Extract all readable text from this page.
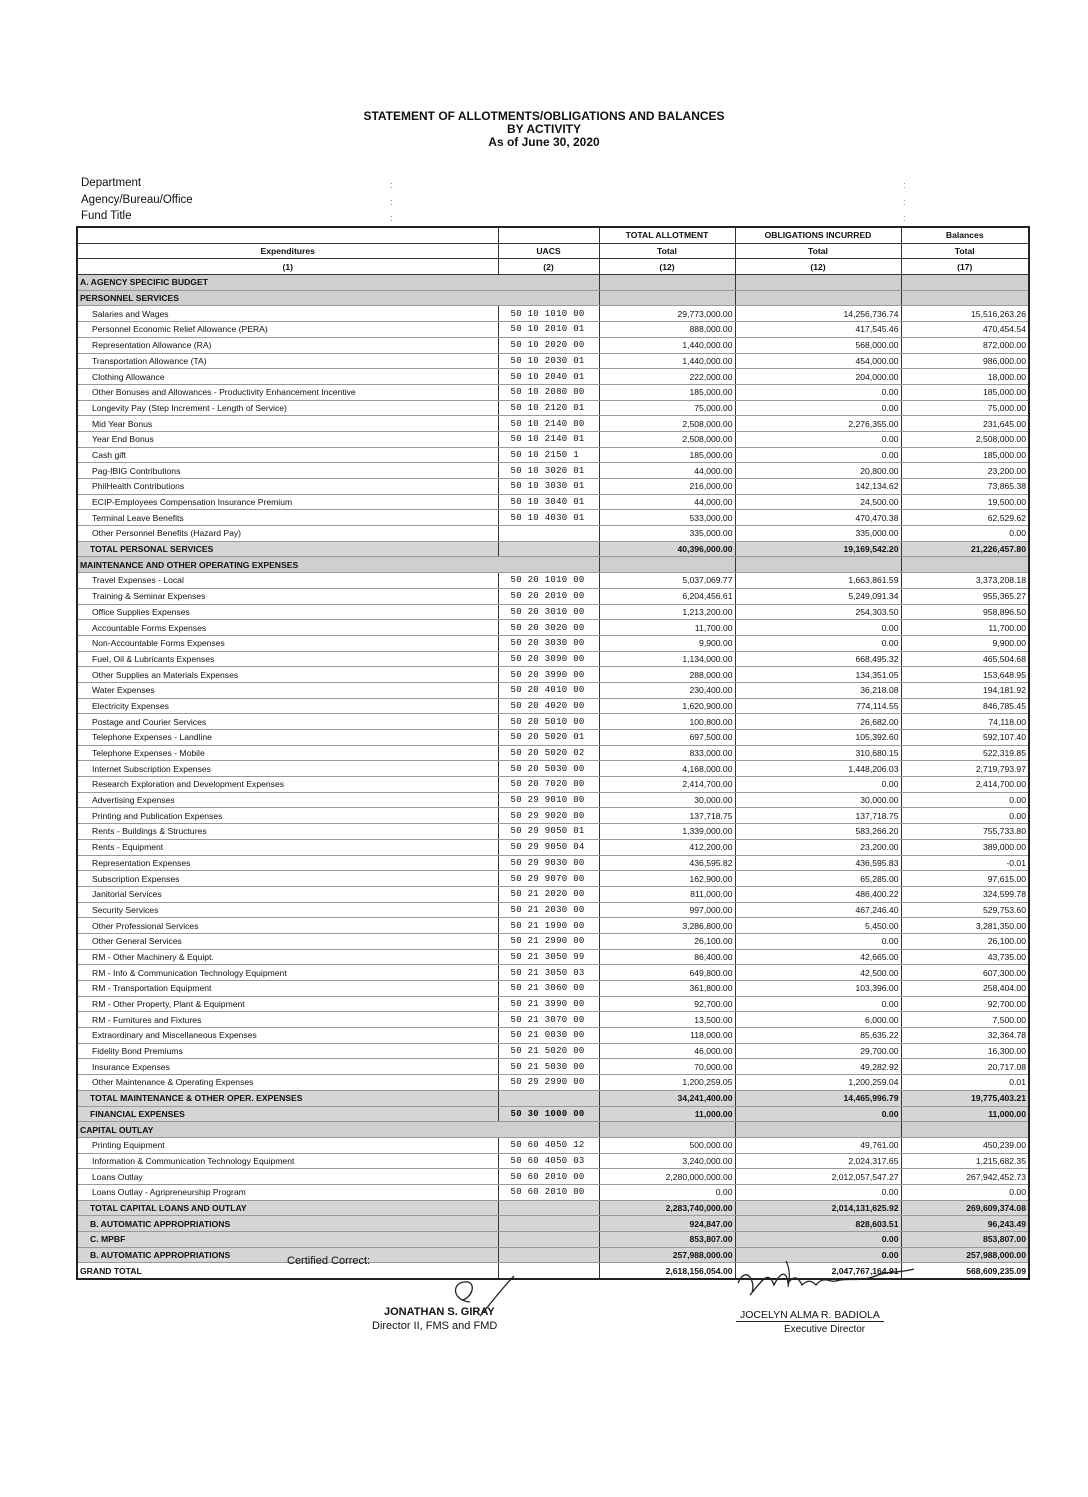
STATEMENT OF ALLOTMENTS/OBLIGATIONS AND BALANCES
BY ACTIVITY
As of June 30, 2020
Department
Agency/Bureau/Office
Fund Title
:
:
:
:
:
:
		TOTAL ALLOTMENT	OBLIGATIONS INCURRED	Balances
Expenditures	UACS	Total	Total	Total
(1)	(2)	(12)	(12)	(17)
A. AGENCY SPECIFIC BUDGET				
PERSONNEL SERVICES				
Salaries and Wages	50 10 1010 00	29,773,000.00	14,256,736.74	15,516,263.26
Personnel Economic Relief Allowance (PERA)	50 10 2010 01	888,000.00	417,545.46	470,454.54
Representation Allowance (RA)	50 10 2020 00	1,440,000.00	568,000.00	872,000.00
Transportation Allowance (TA)	50 10 2030 01	1,440,000.00	454,000.00	986,000.00
Clothing Allowance	50 10 2040 01	222,000.00	204,000.00	18,000.00
Other Bonuses and Allowances - Productivity Enhancement Incentive	50 10 2080 00	185,000.00	0.00	185,000.00
Longevity Pay (Step Increment - Length of Service)	50 10 2120 01	75,000.00	0.00	75,000.00
Mid Year Bonus	50 10 2140 00	2,508,000.00	2,276,355.00	231,645.00
Year End Bonus	50 10 2140 01	2,508,000.00	0.00	2,508,000.00
Cash gift	50 10 2150 1	185,000.00	0.00	185,000.00
Pag-IBIG Contributions	50 10 3020 01	44,000.00	20,800.00	23,200.00
PhilHealth Contributions	50 10 3030 01	216,000.00	142,134.62	73,865.38
ECIP-Employees Compensation Insurance Premium	50 10 3040 01	44,000.00	24,500.00	19,500.00
Terminal Leave Benefits	50 10 4030 01	533,000.00	470,470.38	62,529.62
Other Personnel Benefits (Hazard Pay)		335,000.00	335,000.00	0.00
TOTAL PERSONAL SERVICES		40,396,000.00	19,169,542.20	21,226,457.80
MAINTENANCE AND OTHER OPERATING EXPENSES				
Travel Expenses - Local	50 20 1010 00	5,037,069.77	1,663,861.59	3,373,208.18
Training & Seminar Expenses	50 20 2010 00	6,204,456.61	5,249,091.34	955,365.27
Office Supplies Expenses	50 20 3010 00	1,213,200.00	254,303.50	958,896.50
Accountable Forms Expenses	50 20 3020 00	11,700.00	0.00	11,700.00
Non-Accountable Forms Expenses	50 20 3030 00	9,900.00	0.00	9,900.00
Fuel, Oil & Lubricants Expenses	50 20 3090 00	1,134,000.00	668,495.32	465,504.68
Other Supplies an Materials Expenses	50 20 3990 00	288,000.00	134,351.05	153,648.95
Water Expenses	50 20 4010 00	230,400.00	36,218.08	194,181.92
Electricity Expenses	50 20 4020 00	1,620,900.00	774,114.55	846,785.45
Postage and Courier Services	50 20 5010 00	100,800.00	26,682.00	74,118.00
Telephone Expenses - Landline	50 20 5020 01	697,500.00	105,392.60	592,107.40
Telephone Expenses - Mobile	50 20 5020 02	833,000.00	310,680.15	522,319.85
Internet Subscription Expenses	50 20 5030 00	4,168,000.00	1,448,206.03	2,719,793.97
Research Exploration and Development Expenses	50 20 7020 00	2,414,700.00	0.00	2,414,700.00
Advertising Expenses	50 29 9010 00	30,000.00	30,000.00	0.00
Printing and Publication Expenses	50 29 9020 00	137,718.75	137,718.75	0.00
Rents - Buildings & Structures	50 29 9050 01	1,339,000.00	583,266.20	755,733.80
Rents - Equipment	50 29 9050 04	412,200.00	23,200.00	389,000.00
Representation Expenses	50 29 9030 00	436,595.82	436,595.83	-0.01
Subscription Expenses	50 29 9070 00	162,900.00	65,285.00	97,615.00
Janitorial Services	50 21 2020 00	811,000.00	486,400.22	324,599.78
Security Services	50 21 2030 00	997,000.00	467,246.40	529,753.60
Other Professional Services	50 21 1990 00	3,286,800.00	5,450.00	3,281,350.00
Other General Services	50 21 2990 00	26,100.00	0.00	26,100.00
RM - Other Machinery & Equipt.	50 21 3050 99	86,400.00	42,665.00	43,735.00
RM - Info & Communication Technology Equipment	50 21 3050 03	649,800.00	42,500.00	607,300.00
RM - Transportation Equipment	50 21 3060 00	361,800.00	103,396.00	258,404.00
RM - Other Property, Plant & Equipment	50 21 3990 00	92,700.00	0.00	92,700.00
RM - Furnitures and Fixtures	50 21 3070 00	13,500.00	6,000.00	7,500.00
Extraordinary and Miscellaneous Expenses	50 21 0030 00	118,000.00	85,635.22	32,364.78
Fidelity Bond Premiums	50 21 5020 00	46,000.00	29,700.00	16,300.00
Insurance Expenses	50 21 5030 00	70,000.00	49,282.92	20,717.08
Other Maintenance & Operating Expenses	50 29 2990 00	1,200,259.05	1,200,259.04	0.01
TOTAL MAINTENANCE & OTHER OPER. EXPENSES		34,241,400.00	14,465,996.79	19,775,403.21
FINANCIAL EXPENSES	50 30 1000 00	11,000.00	0.00	11,000.00
CAPITAL OUTLAY				
Printing Equipment	50 60 4050 12	500,000.00	49,761.00	450,239.00
Information & Communication Technology Equipment	50 60 4050 03	3,240,000.00	2,024,317.65	1,215,682.35
Loans Outlay	50 60 2010 00	2,280,000,000.00	2,012,057,547.27	267,942,452.73
Loans Outlay - Agripreneurship Program	50 60 2010 00	0.00	0.00	0.00
TOTAL CAPITAL LOANS AND OUTLAY		2,283,740,000.00	2,014,131,625.92	269,609,374.08
B. AUTOMATIC APPROPRIATIONS		924,847.00	828,603.51	96,243.49
C. MPBF		853,807.00	0.00	853,807.00
B. AUTOMATIC APPROPRIATIONS		257,988,000.00	0.00	257,988,000.00
GRAND TOTAL		2,618,156,054.00	2,047,767,164.91	568,609,235.09
Certified Correct:
JONATHAN S. GIRAY
Director II, FMS and FMD
JOCELYN ALMA R. BADIOLA
Executive Director
